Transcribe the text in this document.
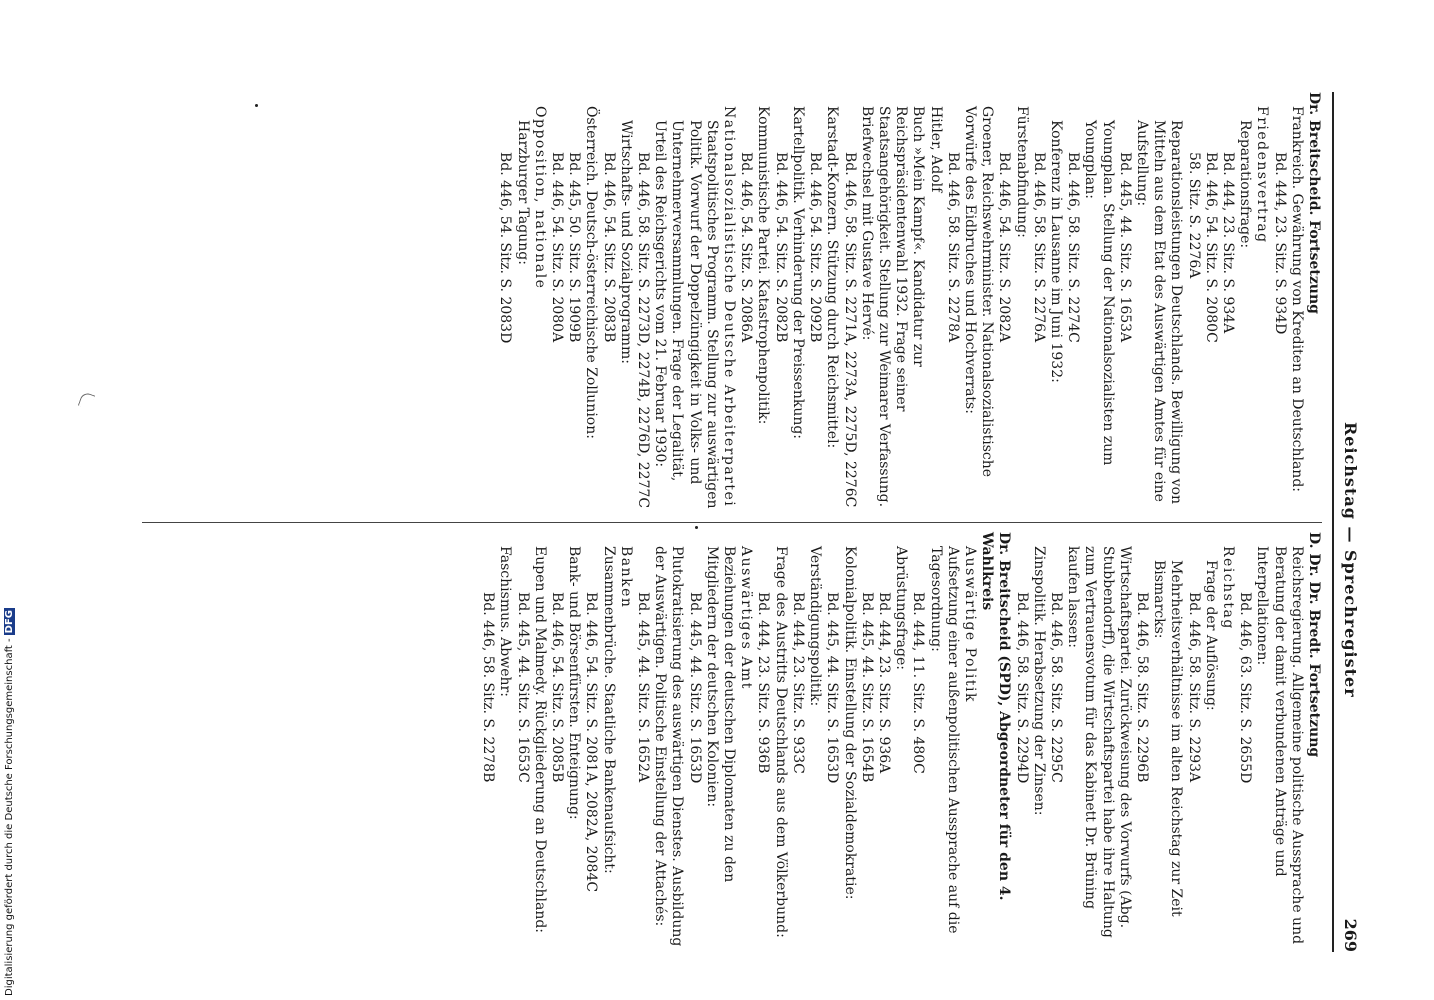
Reichstag — Sprechregister
269
D. Dr. Dr. Bredt. Fortsetzung
Reichsregierung. Allgemeine politische Aussprache und Beratung der damit verbundenen Anträge und Interpellationen:
Bd. 446, 63. Sitz. S. 2655D
Reichstag
Frage der Auflösung:
Bd. 446, 58. Sitz. S. 2293A
Mehrheitsverhältnisse im alten Reichstag zur Zeit Bismarcks:
Bd. 446, 58. Sitz. S. 2296B
Wirtschaftspartei. Zurückweisung des Vorwurfs (Abg. Stubbendorff), die Wirtschaftspartei habe ihre Haltung zum Vertrauensvotum für das Kabinett Dr. Brüning kaufen lassen:
Bd. 446, 58. Sitz. S. 2295C
Zinspolitik. Herabsetzung der Zinsen:
Bd. 446, 58. Sitz. S. 2294D
Dr. Breitscheid (SPD), Abgeordneter für den 4. Wahlkreis
Auswärtige Politik
Aufsetzung einer außenpolitischen Aussprache auf die Tagesordnung:
Bd. 444, 11. Sitz. S. 480C
Abrüstungsfrage:
Bd. 444, 23. Sitz. S. 936A
Bd. 445, 44. Sitz. S. 1654B
Kolonialpolitik. Einstellung der Sozialdemokratie:
Bd. 445, 44. Sitz. S. 1653D
Verständigungspolitik:
Bd. 444, 23. Sitz. S. 933C
Frage des Austritts Deutschlands aus dem Völkerbund:
Bd. 444, 23. Sitz. S. 936B
Auswärtiges Amt
Beziehungen der deutschen Diplomaten zu den Mitgliedern der deutschen Kolonien:
Bd. 445, 44. Sitz. S. 1653D
Plutokratisierung des auswärtigen Dienstes. Ausbildung der Auswärtigen. Politische Einstellung der Attachés:
Bd. 445, 44. Sitz. S. 1652A
Banken
Zusammenbrüche. Staatliche Bankenaufsicht:
Bd. 446, 54. Sitz. S. 2081A, 2082A, 2084C
Bank- und Börsenfürsten. Enteignung:
Bd. 446, 54. Sitz. S. 2085B
Eupen und Malmedy. Rückgliederung an Deutschland:
Bd. 445, 44. Sitz. S. 1653C
Faschismus. Abwehr:
Bd. 446, 58. Sitz. S. 2278B
Dr. Breitscheid. Fortsetzung
Frankreich. Gewährung von Krediten an Deutschland:
Bd. 444, 23. Sitz. S. 934D
Friedensvertrag
Reparationsfrage:
Bd. 444, 23. Sitz. S. 934A
Bd. 446, 54. Sitz. S. 2080C
58. Sitz. S. 2276A
Reparationsleistungen Deutschlands. Bewilligung von Mitteln aus dem Etat des Auswärtigen Amtes für eine Aufstellung:
Bd. 445, 44. Sitz. S. 1653A
Youngplan. Stellung der Nationalsozialisten zum Youngplan:
Bd. 446, 58. Sitz. S. 2274C
Konferenz in Lausanne im Juni 1932:
Bd. 446, 58. Sitz. S. 2276A
Fürstenabfindung:
Bd. 446, 54. Sitz. S. 2082A
Groener, Reichswehrminister. Nationalsozialistische Vorwürfe des Eidbruches und Hochverrats:
Bd. 446, 58. Sitz. S. 2278A
Hitler, Adolf
Buch »Mein Kampf«. Kandidatur zur Reichspräsidentenwahl 1932. Frage seiner Staatsangehörigkeit. Stellung zur Weimarer Verfassung. Briefwechsel mit Gustave Hervé:
Bd. 446, 58. Sitz. S. 2271A, 2273A, 2275D, 2276C
Karstadt-Konzern. Stützung durch Reichsmittel:
Bd. 446, 54. Sitz. S. 2092B
Kartellpolitik. Verhinderung der Preissenkung:
Bd. 446, 54. Sitz. S. 2082B
Kommunistische Partei. Katastrophenpolitik:
Bd. 446, 54. Sitz. S. 2086A
Nationalsozialistische Deutsche Arbeiterpartei
Staatspolitisches Programm. Stellung zur auswärtigen Politik. Vorwurf der Doppelzüngigkeit in Volks- und Unternehmerversammlungen. Frage der Legalität, Urteil des Reichsgerichts vom 21. Februar 1930:
Bd. 446, 58. Sitz. S. 2273D, 2274B, 2276D, 2277C
Wirtschafts- und Sozialprogramm:
Bd. 446, 54. Sitz. S. 2083B
Österreich. Deutsch-österreichische Zollunion:
Bd. 445, 50. Sitz. S. 1909B
Bd. 446, 54. Sitz. S. 2080A
Opposition, nationale
Harzburger Tagung:
Bd. 446, 54. Sitz. S. 2083D
Digitalisierung gefördert durch die Deutsche Forschungsgemeinschaft -DFG
